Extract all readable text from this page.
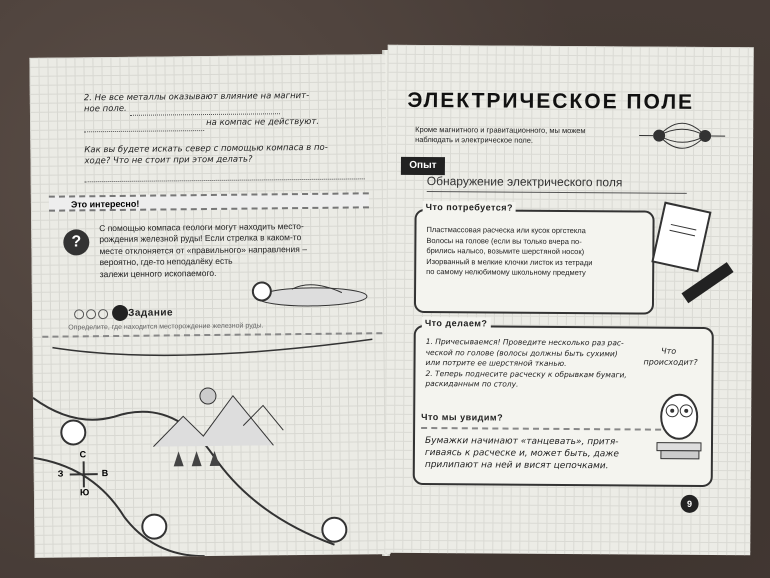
2. Не все металлы оказывают влияние на магнит-
ное поле.
на компас не действуют.
Как вы будете искать север с помощью компаса в по-
ходе? Что не стоит при этом делать?
Это интересно!
?
С помощью компаса геологи могут находить место-
рождения железной руды! Если стрелка в каком-то
месте отклоняется от «правильного» направления –
вероятно, где-то неподалёку есть
залежи ценного ископаемого.
Задание
Определите, где находится месторождение железной руды.
С
Ю
З	В
ЭЛЕКТРИЧЕСКОЕ ПОЛЕ
Кроме магнитного и гравитационного, мы можем
наблюдать и электрическое поле.
Опыт
Обнаружение электрического поля
Что потребуется?
Пластмассовая расческа или кусок оргстекла
Волосы на голове (если вы только вчера по-
брились налысо, возьмите шерстяной носок)
Изорванный в мелкие клочки листок из тетради
по самому нелюбимому школьному предмету
Что делаем?
1. Причесываемся! Проведите несколько раз рас-
ческой по голове (волосы должны быть сухими)
или потрите ее шерстяной тканью.
2. Теперь поднесите расческу к обрывкам бумаги,
раскиданным по столу.
Что мы увидим?
Бумажки начинают «танцевать», притя-
гиваясь к расческе и, может быть, даже
прилипают на ней и висят цепочками.
Что происходит?
9
